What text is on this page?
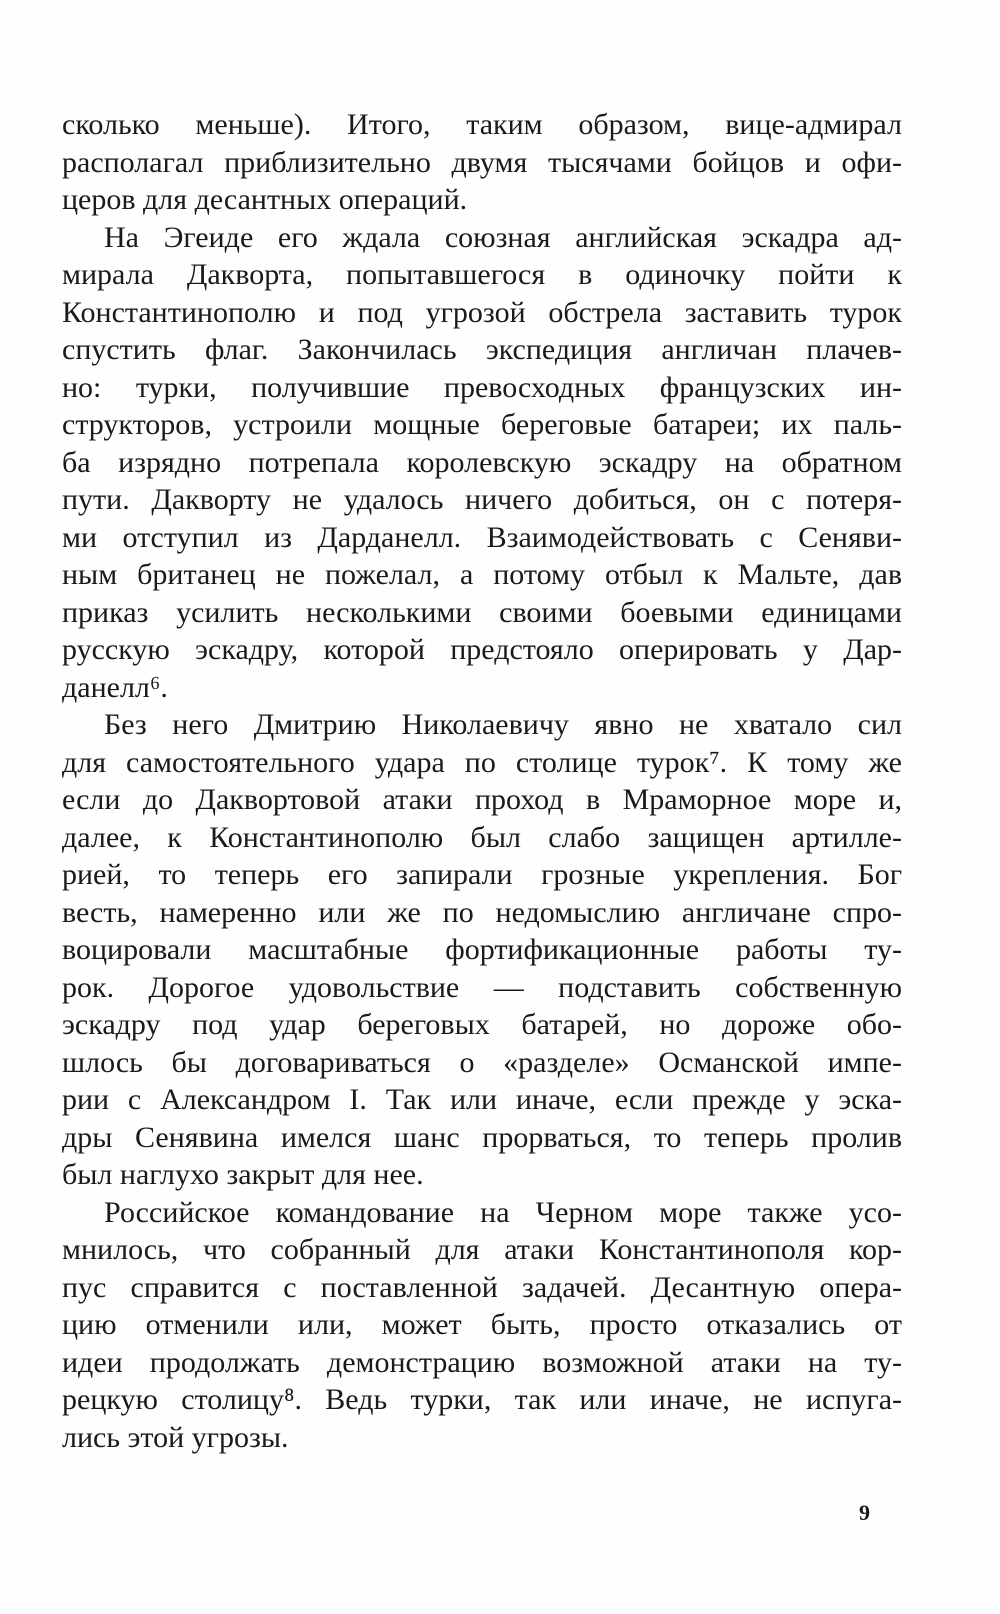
сколько меньше). Итого, таким образом, вице-адмирал
располагал приблизительно двумя тысячами бойцов и офи-
церов для десантных операций.
На Эгеиде его ждала союзная английская эскадра ад-
мирала Дакворта, попытавшегося в одиночку пойти к
Константинополю и под угрозой обстрела заставить турок
спустить флаг. Закончилась экспедиция англичан плачев-
но: турки, получившие превосходных французских ин-
структоров, устроили мощные береговые батареи; их паль-
ба изрядно потрепала королевскую эскадру на обратном
пути. Дакворту не удалось ничего добиться, он с потеря-
ми отступил из Дарданелл. Взаимодействовать с Сеняви-
ным британец не пожелал, а потому отбыл к Мальте, дав
приказ усилить несколькими своими боевыми единицами
русскую эскадру, которой предстояло оперировать у Дар-
данелл⁶.
Без него Дмитрию Николаевичу явно не хватало сил
для самостоятельного удара по столице турок⁷. К тому же
если до Даквортовой атаки проход в Мраморное море и,
далее, к Константинополю был слабо защищен артилле-
рией, то теперь его запирали грозные укрепления. Бог
весть, намеренно или же по недомыслию англичане спро-
воцировали масштабные фортификационные работы ту-
рок. Дорогое удовольствие — подставить собственную
эскадру под удар береговых батарей, но дороже обо-
шлось бы договариваться о «разделе» Османской импе-
рии с Александром I. Так или иначе, если прежде у эска-
дры Сенявина имелся шанс прорваться, то теперь пролив
был наглухо закрыт для нее.
Российское командование на Черном море также усо-
мнилось, что собранный для атаки Константинополя кор-
пус справится с поставленной задачей. Десантную опера-
цию отменили или, может быть, просто отказались от
идеи продолжать демонстрацию возможной атаки на ту-
рецкую столицу⁸. Ведь турки, так или иначе, не испуга-
лись этой угрозы.
9
